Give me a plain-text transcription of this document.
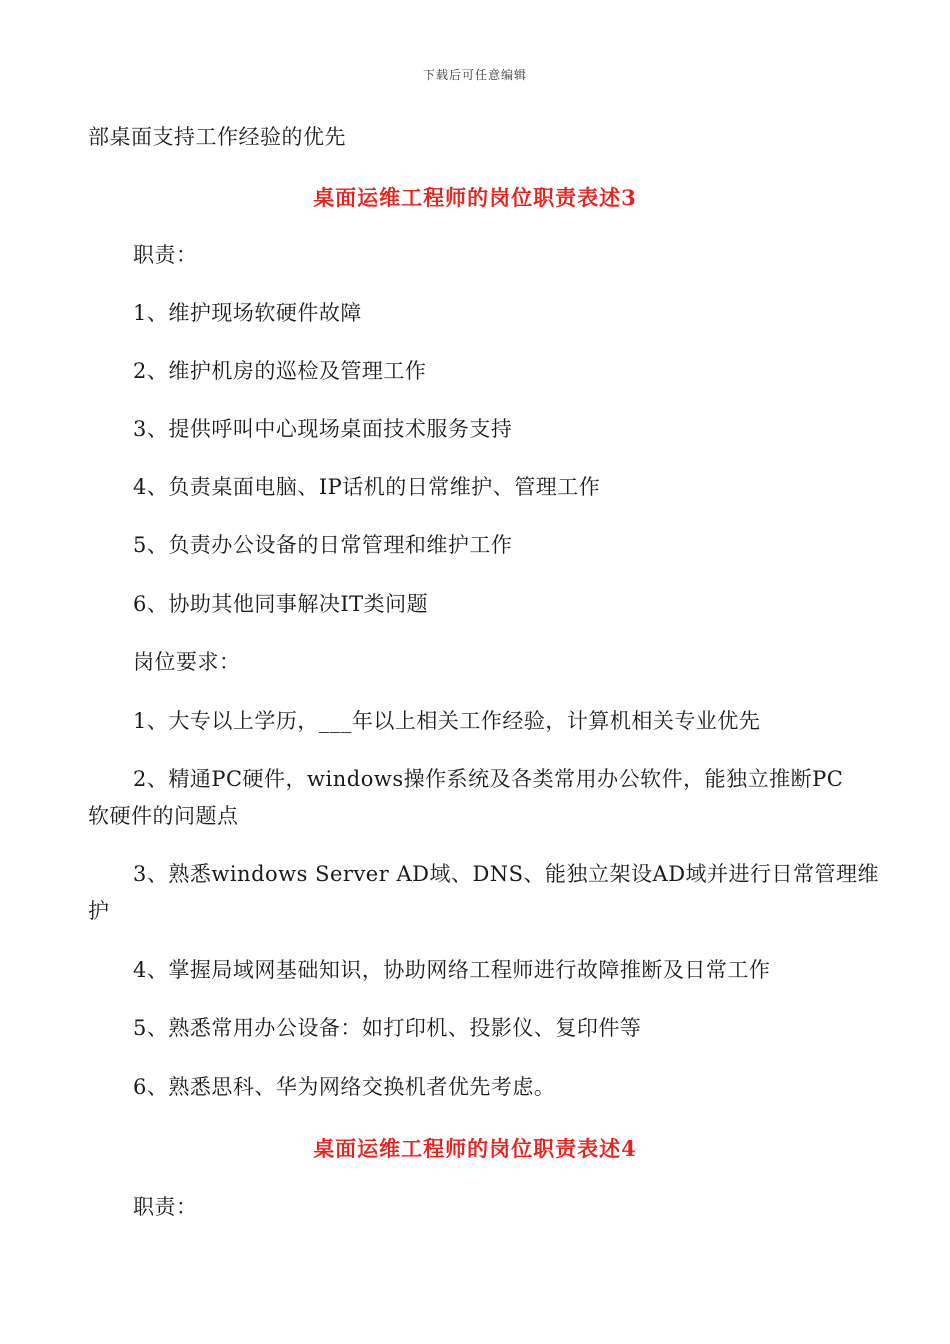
下载后可任意编辑
部桌面支持工作经验的优先
桌面运维工程师的岗位职责表述3
职责：
1、维护现场软硬件故障
2、维护机房的巡检及管理工作
3、提供呼叫中心现场桌面技术服务支持
4、负责桌面电脑、IP话机的日常维护、管理工作
5、负责办公设备的日常管理和维护工作
6、协助其他同事解决IT类问题
岗位要求：
1、大专以上学历，___年以上相关工作经验，计算机相关专业优先
2、精通PC硬件，windows操作系统及各类常用办公软件，能独立推断PC
软硬件的问题点
3、熟悉windows Server AD域、DNS、能独立架设AD域并进行日常管理维
护
4、掌握局域网基础知识，协助网络工程师进行故障推断及日常工作
5、熟悉常用办公设备：如打印机、投影仪、复印件等
6、熟悉思科、华为网络交换机者优先考虑。
桌面运维工程师的岗位职责表述4
职责：
